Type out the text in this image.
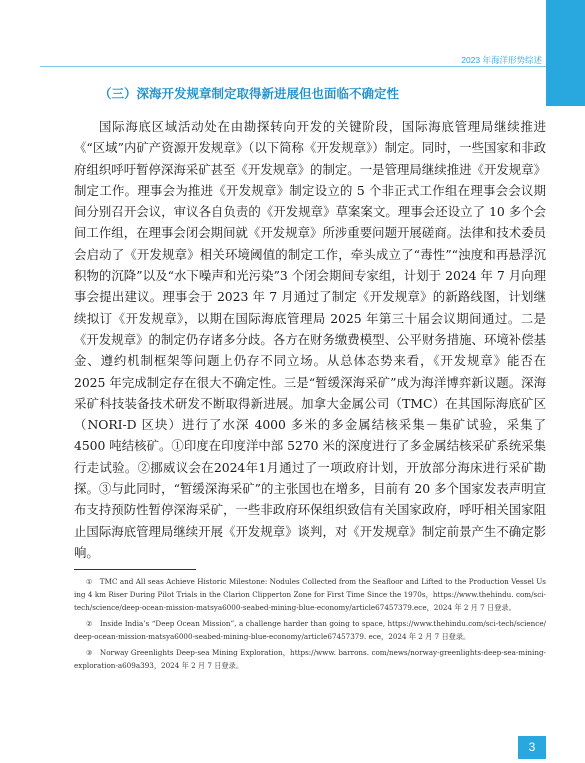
2023 年海洋形势综述
（三）深海开发规章制定取得新进展但也面临不确定性

国际海底区域活动处在由勘探转向开发的关键阶段，国际海底管理局继续推进《“区域”内矿产资源开发规章》（以下简称《开发规章》）制定。同时，一些国家和非政府组织呼吁暂停深海采矿甚至《开发规章》的制定。一是管理局继续推进《开发规章》制定工作。理事会为推进《开发规章》制定设立的 5 个非正式工作组在理事会会议期间分别召开会议，审议各自负责的《开发规章》草案案文。理事会还设立了 10 多个会间工作组，在理事会闭会期间就《开发规章》所涉重要问题开展磋商。法律和技术委员会启动了《开发规章》相关环境阈值的制定工作，牵头成立了“毒性”“浊度和再悬浮沉积物的沉降”以及“水下噪声和光污染”3 个闭会期间专家组，计划于 2024 年 7 月向理事会提出建议。理事会于 2023 年 7 月通过了制定《开发规章》的新路线图，计划继续拟订《开发规章》，以期在国际海底管理局 2025 年第三十届会议期间通过。二是《开发规章》的制定仍存诸多分歧。各方在财务缴费模型、公平财务措施、环境补偿基金、遵约机制框架等问题上仍存不同立场。从总体态势来看，《开发规章》能否在 2025 年完成制定存在很大不确定性。三是“暂缓深海采矿”成为海洋博弈新议题。深海采矿科技装备技术研发不断取得新进展。加拿大金属公司（TMC）在其国际海底矿区（NORI-D 区块）进行了水深 4000 多米的多金属结核采集－集矿试验，采集了 4500 吨结核矿。①印度在印度洋中部 5270 米的深度进行了多金属结核采矿系统采集行走试验。②挪威议会在2024年1月通过了一项政府计划，开放部分海床进行采矿勘探。③与此同时，“暂缓深海采矿”的主张国也在增多，目前有 20 多个国家发表声明宣布支持预防性暂停深海采矿，一些非政府环保组织致信有关国家政府，呼吁相关国家阻止国际海底管理局继续开展《开发规章》谈判，对《开发规章》制定前景产生不确定影响。

①　TMC and All seas Achieve Historic Milestone: Nodules Collected from the Seafloor and Lifted to the Production Vessel Using 4 km Riser During Pilot Trials in the Clarion Clipperton Zone for First Time Since the 1970s，https://www.thehindu. com/sci-tech/science/deep-ocean-mission-matsya6000-seabed-mining-blue-economy/article67457379.ece，2024 年 2 月 7 日登录。

②　Inside India’s “Deep Ocean Mission”, a challenge harder than going to space, https://www.thehindu.com/sci-tech/science/deep-ocean-mission-matsya6000-seabed-mining-blue-economy/article67457379. ece，2024 年 2 月 7 日登录。

③　Norway Greenlights Deep-sea Mining Exploration，https://www. barrons. com/news/norway-greenlights-deep-sea-mining-exploration-a609a393，2024 年 2 月 7 日登录。

3
